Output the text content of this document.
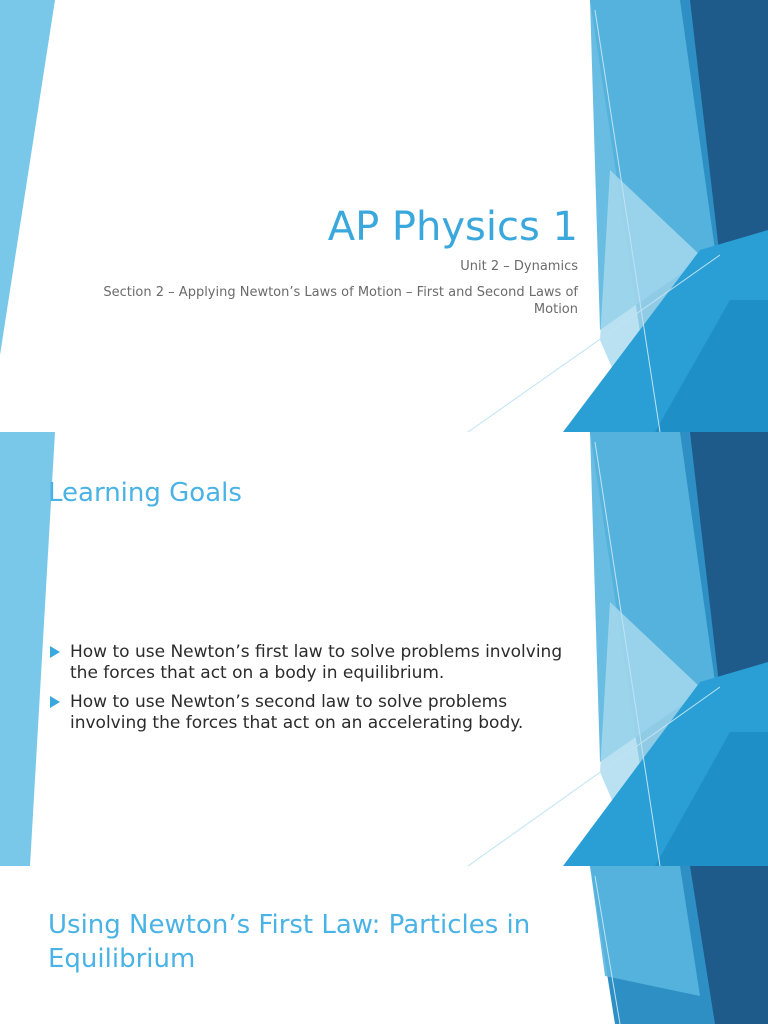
AP Physics 1
Unit 2 – Dynamics
Section 2 – Applying Newton’s Laws of Motion – First and Second Laws of Motion
Learning Goals
How to use Newton’s first law to solve problems involving the forces that act on a body in equilibrium.
How to use Newton’s second law to solve problems involving the forces that act on an accelerating body.
Using Newton’s First Law: Particles in Equilibrium
